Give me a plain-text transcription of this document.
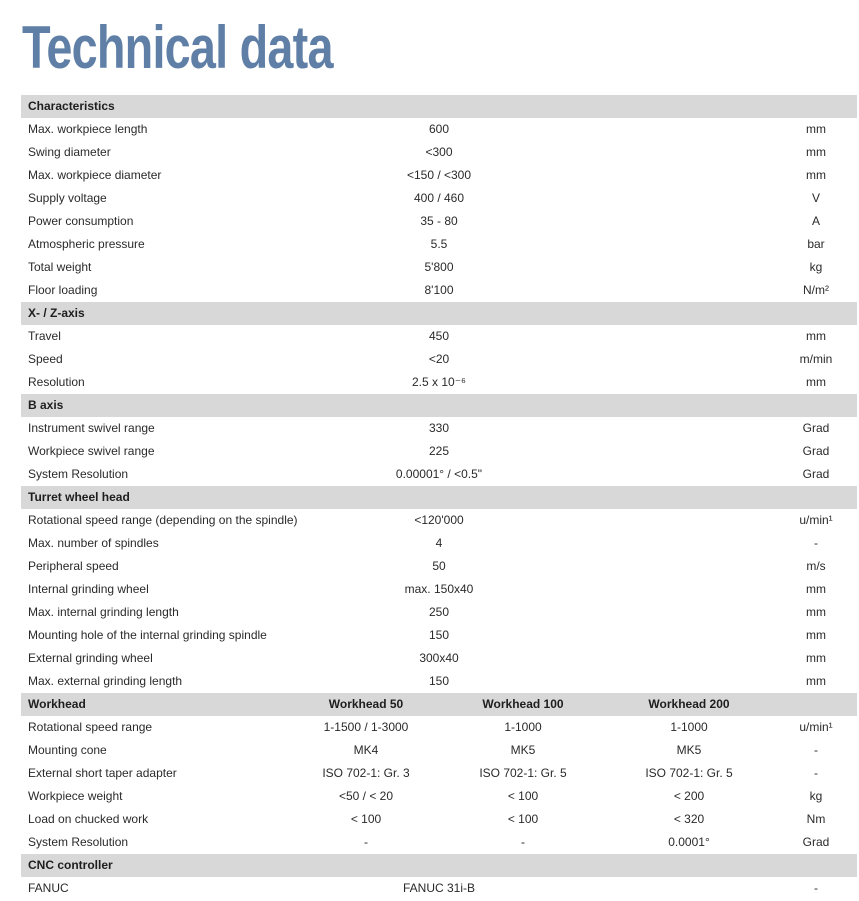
Technical data
Characteristics
Max. workpiece length	600	mm
Swing diameter	<300	mm
Max. workpiece diameter	<150 / <300	mm
Supply voltage	400 / 460	V
Power consumption	35 - 80	A
Atmospheric pressure	5.5	bar
Total weight	5'800	kg
Floor loading	8'100	N/m²
X- / Z-axis
Travel	450	mm
Speed	<20	m/min
Resolution	2.5 x 10⁻⁶	mm
B axis
Instrument swivel range	330	Grad
Workpiece swivel range	225	Grad
System Resolution	0.00001° / <0.5"	Grad
Turret wheel head
Rotational speed range (depending on the spindle)	<120'000	u/min¹
Max. number of spindles	4	-
Peripheral speed	50	m/s
Internal grinding wheel	max. 150x40	mm
Max. internal grinding length	250	mm
Mounting hole of the internal grinding spindle	150	mm
External grinding wheel	300x40	mm
Max. external grinding length	150	mm
Workhead	Workhead 50	Workhead 100	Workhead 200
Rotational speed range	1-1500 / 1-3000	1-1000	1-1000	u/min¹
Mounting cone	MK4	MK5	MK5	-
External short taper adapter	ISO 702-1: Gr. 3	ISO 702-1: Gr. 5	ISO 702-1: Gr. 5	-
Workpiece weight	<50 / < 20	< 100	< 200	kg
Load on chucked work	< 100	< 100	< 320	Nm
System Resolution	-	-	0.0001°	Grad
CNC controller
FANUC	FANUC 31i-B	-
